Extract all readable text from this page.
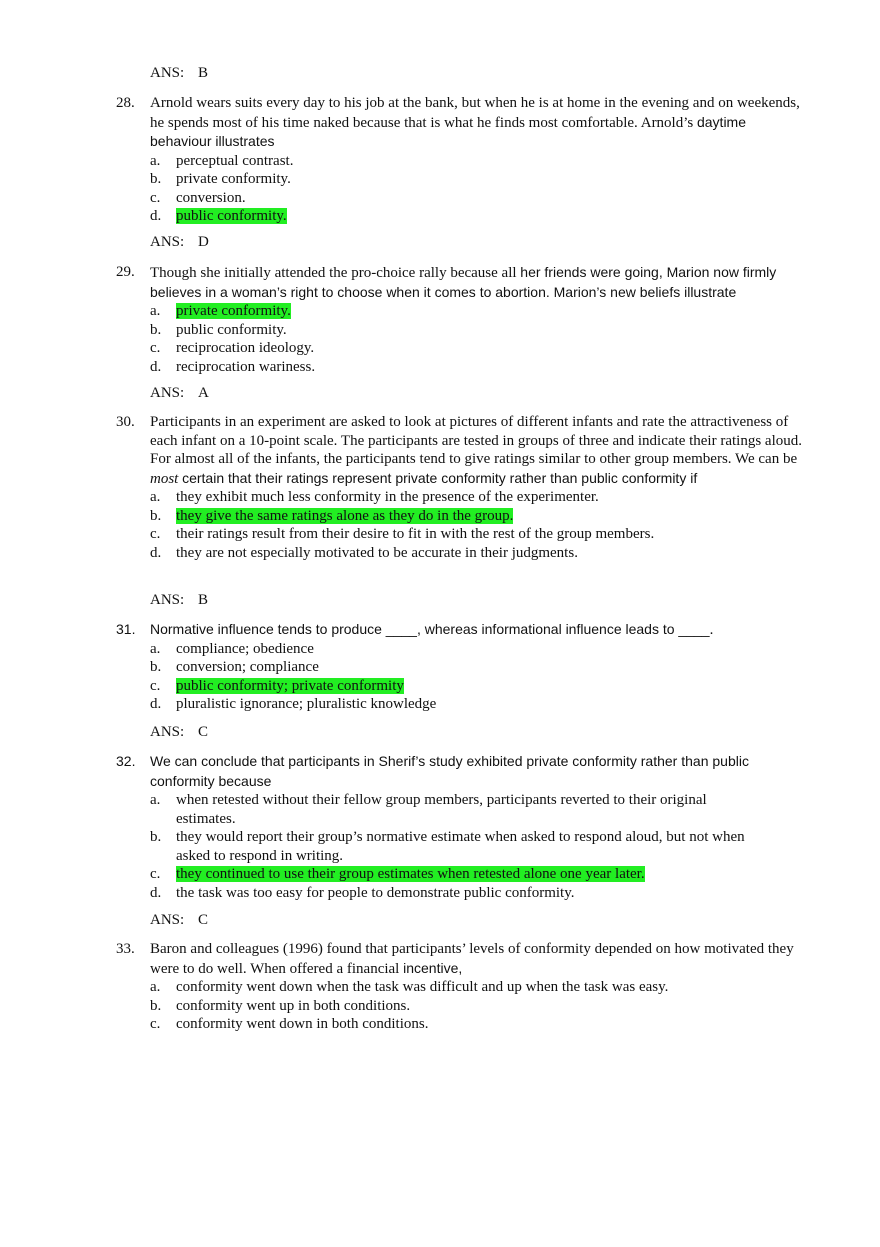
ANS: B
28. Arnold wears suits every day to his job at the bank, but when he is at home in the evening and on weekends, he spends most of his time naked because that is what he finds most comfortable. Arnold’s daytime behaviour illustrates
a.	perceptual contrast.
b. private conformity.
c.	conversion.
d. public conformity.
ANS: D
29. Though she initially attended the pro-choice rally because all her friends were going, Marion now firmly believes in a woman’s right to choose when it comes to abortion. Marion’s new beliefs illustrate
a.	private conformity.
b. public conformity.
c.	reciprocation ideology.
d. reciprocation wariness.
ANS: A
30. Participants in an experiment are asked to look at pictures of different infants and rate the attractiveness of each infant on a 10-point scale. The participants are tested in groups of three and indicate their ratings aloud. For almost all of the infants, the participants tend to give ratings similar to other group members. We can be most certain that their ratings represent private conformity rather than public conformity if
a.	they exhibit much less conformity in the presence of the experimenter.
b. they give the same ratings alone as they do in the group.
c.	their ratings result from their desire to fit in with the rest of the group members.
d. they are not especially motivated to be accurate in their judgments.
ANS: B
31. Normative influence tends to produce ____, whereas informational influence leads to ____.
a.	compliance; obedience
b. conversion; compliance
c.	public conformity; private conformity
d. pluralistic ignorance; pluralistic knowledge
ANS: C
32. We can conclude that participants in Sherif’s study exhibited private conformity rather than public conformity because
a.	when retested without their fellow group members, participants reverted to their original estimates.
b. they would report their group’s normative estimate when asked to respond aloud, but not when asked to respond in writing.
c.	they continued to use their group estimates when retested alone one year later.
d. the task was too easy for people to demonstrate public conformity.
ANS: C
33. Baron and colleagues (1996) found that participants’ levels of conformity depended on how motivated they were to do well. When offered a financial incentive,
a.	conformity went down when the task was difficult and up when the task was easy.
b. conformity went up in both conditions.
c.	conformity went down in both conditions.
